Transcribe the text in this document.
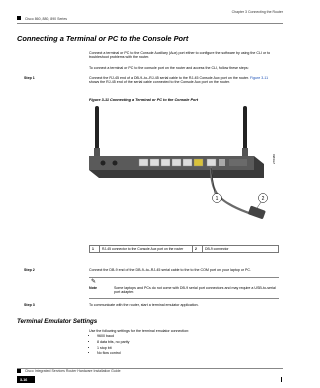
Chapter 3 Connecting the Router
Cisco 860, 880, 890 Series
Connecting a Terminal or PC to the Console Port
Connect a terminal or PC to the Console Auxiliary (Aux) port either to configure the software by using the CLI or to troubleshoot problems with the router.
To connect a terminal or PC to the console port on the router and access the CLI, follow these steps:
Step 1	Connect the RJ-45 end of a DB-9–to–RJ-45 serial cable to the RJ-45 Console Aux port on the router. Figure 3-11 shows the RJ-45 end of the serial cable connected to the Console Aux port on the router.
Figure 3-11 Connecting a Terminal or PC to the Console Port
1	2
278480
1	RJ-45 connector to the Console Aux port on the router	2	DB-9 connector
Step 2	Connect the DB-9 end of the DB-9–to–RJ-45 serial cable to the to the COM port on your laptop or PC.
✎
Note	Some laptops and PCs do not come with DB-9 serial port connectors and may require a USB-to-serial port adapter.
Step 3	To communicate with the router, start a terminal emulator application.
Terminal Emulator Settings
Use the following settings for the terminal emulator connection:
• 9600 baud
• 8 data bits, no parity
• 1 stop bit
• No flow control
Cisco Integrated Services Router Hardware Installation Guide
3-16
